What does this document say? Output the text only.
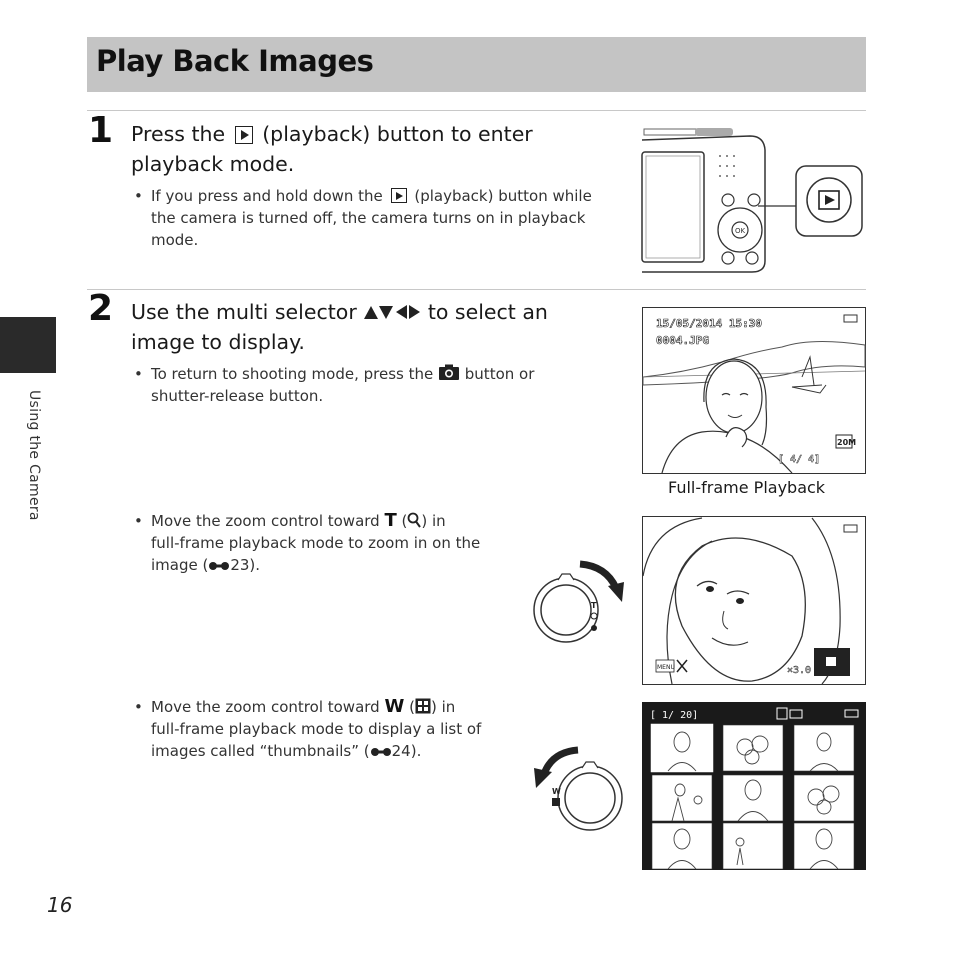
Play Back Images
Using the Camera
1 Press the (playback) button to enter
playback mode.
• If you press and hold down the (playback) button while
the camera is turned off, the camera turns on in playback
mode.	OK
2 Use the multi selector	to select an
image to display.
• To return to shooting mode, press the button or
shutter-release button.
15/05/2014 15:30
0004.JPG
20M
[ 4/ 4]
Full-frame Playback
• Move the zoom control toward T ( ) in
full-frame playback mode to zoom in on the
image ( 23).
T
MENU	×3.0
• Move the zoom control toward W ( ) in
full-frame playback mode to display a list of
images called “thumbnails” ( 24).
W
[ 1/ 20]
16
